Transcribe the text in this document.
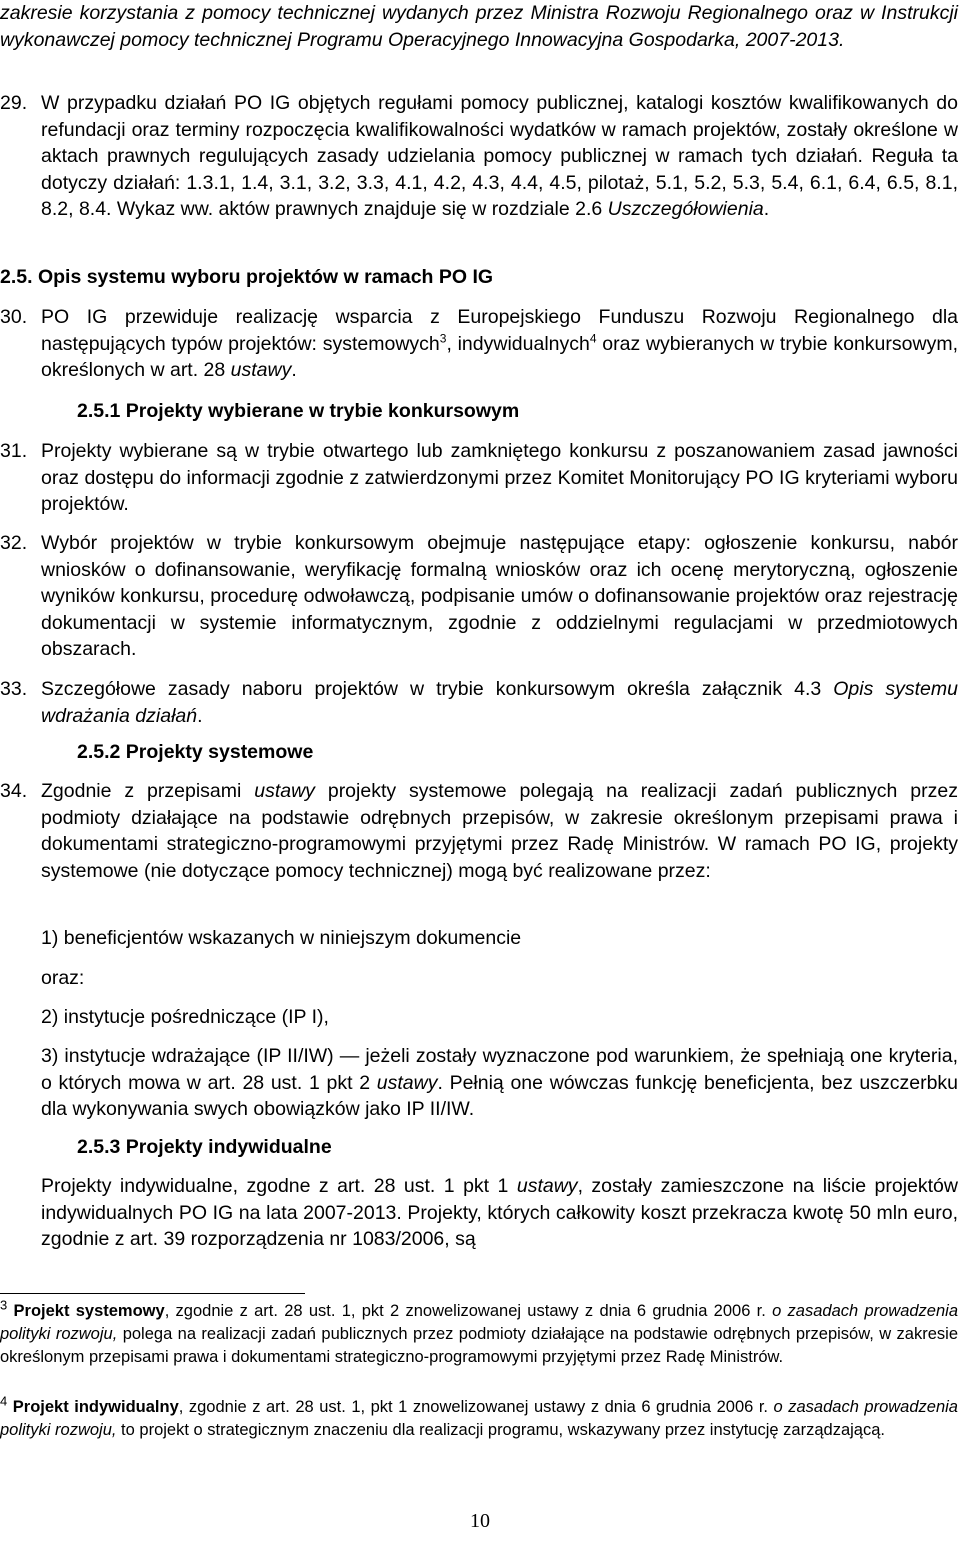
zakresie korzystania z pomocy technicznej wydanych przez Ministra Rozwoju Regionalnego oraz w Instrukcji wykonawczej pomocy technicznej Programu Operacyjnego Innowacyjna Gospodarka, 2007-2013.
29. W przypadku działań PO IG objętych regułami pomocy publicznej, katalogi kosztów kwalifikowanych do refundacji oraz terminy rozpoczęcia kwalifikowalności wydatków w ramach projektów, zostały określone w aktach prawnych regulujących zasady udzielania pomocy publicznej w ramach tych działań. Reguła ta dotyczy działań: 1.3.1, 1.4, 3.1, 3.2, 3.3, 4.1, 4.2, 4.3, 4.4, 4.5, pilotaż, 5.1, 5.2, 5.3, 5.4, 6.1, 6.4, 6.5, 8.1, 8.2, 8.4. Wykaz ww. aktów prawnych znajduje się w rozdziale 2.6 Uszczegółowienia.
2.5. Opis systemu wyboru projektów w ramach PO IG
30. PO IG przewiduje realizację wsparcia z Europejskiego Funduszu Rozwoju Regionalnego dla następujących typów projektów: systemowych$^3$, indywidualnych$^4$ oraz wybieranych w trybie konkursowym, określonych w art. 28 ustawy.
2.5.1 Projekty wybierane w trybie konkursowym
31. Projekty wybierane są w trybie otwartego lub zamkniętego konkursu z poszanowaniem zasad jawności oraz dostępu do informacji zgodnie z zatwierdzonymi przez Komitet Monitorujący PO IG kryteriami wyboru projektów.
32. Wybór projektów w trybie konkursowym obejmuje następujące etapy: ogłoszenie konkursu, nabór wniosków o dofinansowanie, weryfikację formalną wniosków oraz ich ocenę merytoryczną, ogłoszenie wyników konkursu, procedurę odwoławczą, podpisanie umów o dofinansowanie projektów oraz rejestrację dokumentacji w systemie informatycznym, zgodnie z oddzielnymi regulacjami w przedmiotowych obszarach.
33. Szczegółowe zasady naboru projektów w trybie konkursowym określa załącznik 4.3 Opis systemu wdrażania działań.
2.5.2 Projekty systemowe
34. Zgodnie z przepisami ustawy projekty systemowe polegają na realizacji zadań publicznych przez podmioty działające na podstawie odrębnych przepisów, w zakresie określonym przepisami prawa i dokumentami strategiczno-programowymi przyjętymi przez Radę Ministrów. W ramach PO IG, projekty systemowe (nie dotyczące pomocy technicznej) mogą być realizowane przez:
1) beneficjentów wskazanych w niniejszym dokumencie
oraz:
2) instytucje pośredniczące (IP I),
3) instytucje wdrażające (IP II/IW) — jeżeli zostały wyznaczone pod warunkiem, że spełniają one kryteria, o których mowa w art. 28 ust. 1 pkt 2 ustawy. Pełnią one wówczas funkcję beneficjenta, bez uszczerbku dla wykonywania swych obowiązków jako IP II/IW.
2.5.3 Projekty indywidualne
Projekty indywidualne, zgodne z art. 28 ust. 1 pkt 1 ustawy, zostały zamieszczone na liście projektów indywidualnych PO IG na lata 2007-2013. Projekty, których całkowity koszt przekracza kwotę 50 mln euro, zgodnie z art. 39 rozporządzenia nr 1083/2006, są
$^3$ Projekt systemowy, zgodnie z art. 28 ust. 1, pkt 2 znowelizowanej ustawy z dnia 6 grudnia 2006 r. o zasadach prowadzenia polityki rozwoju, polega na realizacji zadań publicznych przez podmioty działające na podstawie odrębnych przepisów, w zakresie określonym przepisami prawa i dokumentami strategiczno-programowymi przyjętymi przez Radę Ministrów.
$^4$ Projekt indywidualny, zgodnie z art. 28 ust. 1, pkt 1 znowelizowanej ustawy z dnia 6 grudnia 2006 r. o zasadach prowadzenia polityki rozwoju, to projekt o strategicznym znaczeniu dla realizacji programu, wskazywany przez instytucję zarządzającą.
10
